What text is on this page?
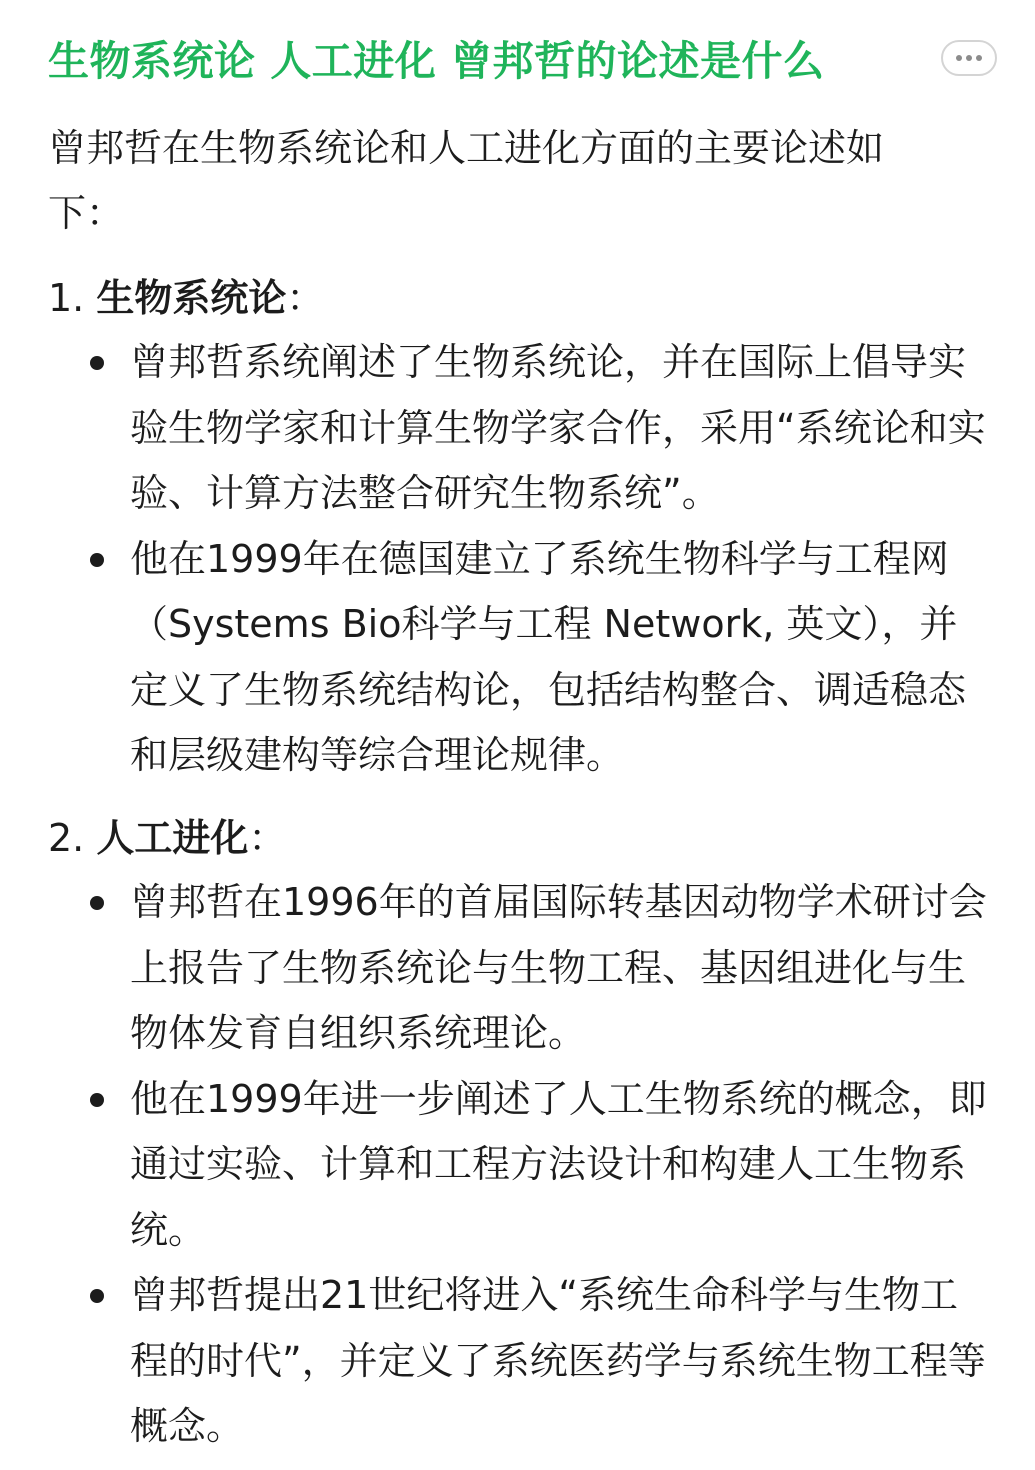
生物系统论 人工进化 曾邦哲的论述是什么
曾邦哲在生物系统论和人工进化方面的主要论述如下：
1. 生物系统论：
曾邦哲系统阐述了生物系统论，并在国际上倡导实验生物学家和计算生物学家合作，采用“系统论和实验、计算方法整合研究生物系统”。
他在1999年在德国建立了系统生物科学与工程网（Systems Bio科学与工程 Network, 英文），并定义了生物系统结构论，包括结构整合、调适稳态和层级建构等综合理论规律。
2. 人工进化：
曾邦哲在1996年的首届国际转基因动物学术研讨会上报告了生物系统论与生物工程、基因组进化与生物体发育自组织系统理论。
他在1999年进一步阐述了人工生物系统的概念，即通过实验、计算和工程方法设计和构建人工生物系统。
曾邦哲提出21世纪将进入“系统生命科学与生物工程的时代”，并定义了系统医药学与系统生物工程等概念。
